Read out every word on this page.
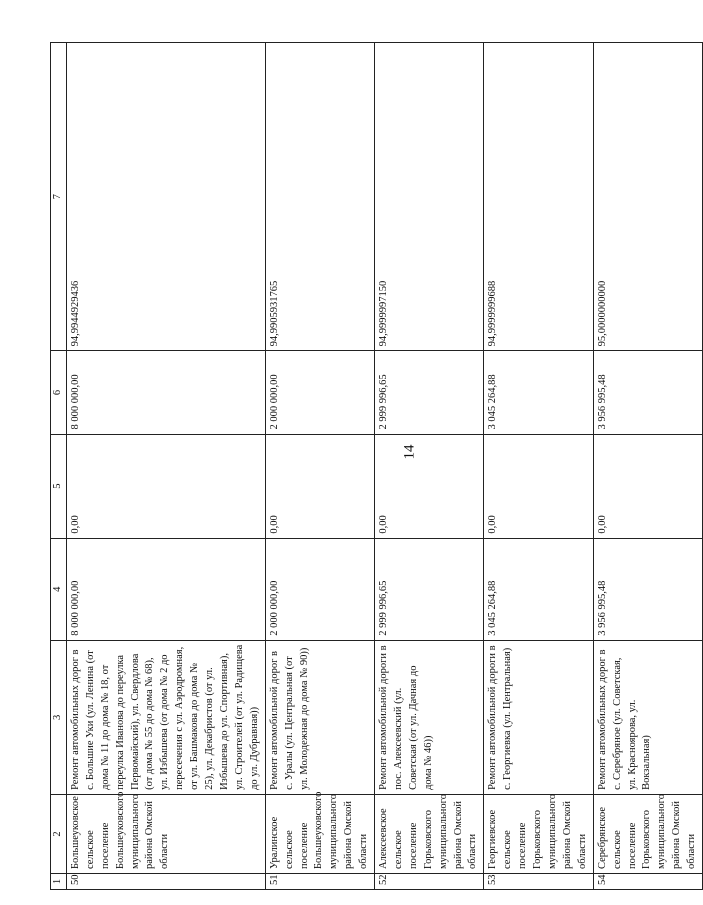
14
1	2	3	4	5	6	7
50	Большеуковское сельское поселение Большеуковского муниципального района Омской области	Ремонт автомобильных дорог в с. Большие Уки (ул. Ленина (от дома № 11 до дома № 18, от переулка Иванова до переулка Первомайский), ул. Свердлова (от дома № 55 до дома № 68), ул. Избышева (от дома № 2 до пересечения с ул. Аэродромная, от ул. Башмакова до дома № 25), ул. Декабристов (от ул. Избышева до ул. Спортивная), ул. Строителей (от ул. Радищева до ул. Дубравная))	8 000 000,00	0,00	8 000 000,00	94,9944929436
51	Уралинское сельское поселение Большеуковского муниципального района Омской области	Ремонт автомобильной дорог в с. Уралы (ул. Центральная (от ул. Молодежная до дома № 90))	2 000 000,00	0,00	2 000 000,00	94,9905931765
52	Алексеевское сельское поселение Горьковского муниципального района Омской области	Ремонт автомобильной дороги в пос. Алексеевский (ул. Советская (от ул. Дачная до дома № 46))	2 999 996,65	0,00	2 999 996,65	94,9999997150
53	Георгиевское сельское поселение Горьковского муниципального района Омской области	Ремонт автомобильной дороги в с. Георгиевка (ул. Центральная)	3 045 264,88	0,00	3 045 264,88	94,9999999688
54	Серебрянское сельское поселение Горьковского муниципального района Омской области	Ремонт автомобильных дорог в с. Серебряное (ул. Советская, ул. Красноярова, ул. Вокзальная)	3 956 995,48	0,00	3 956 995,48	95,0000000000
